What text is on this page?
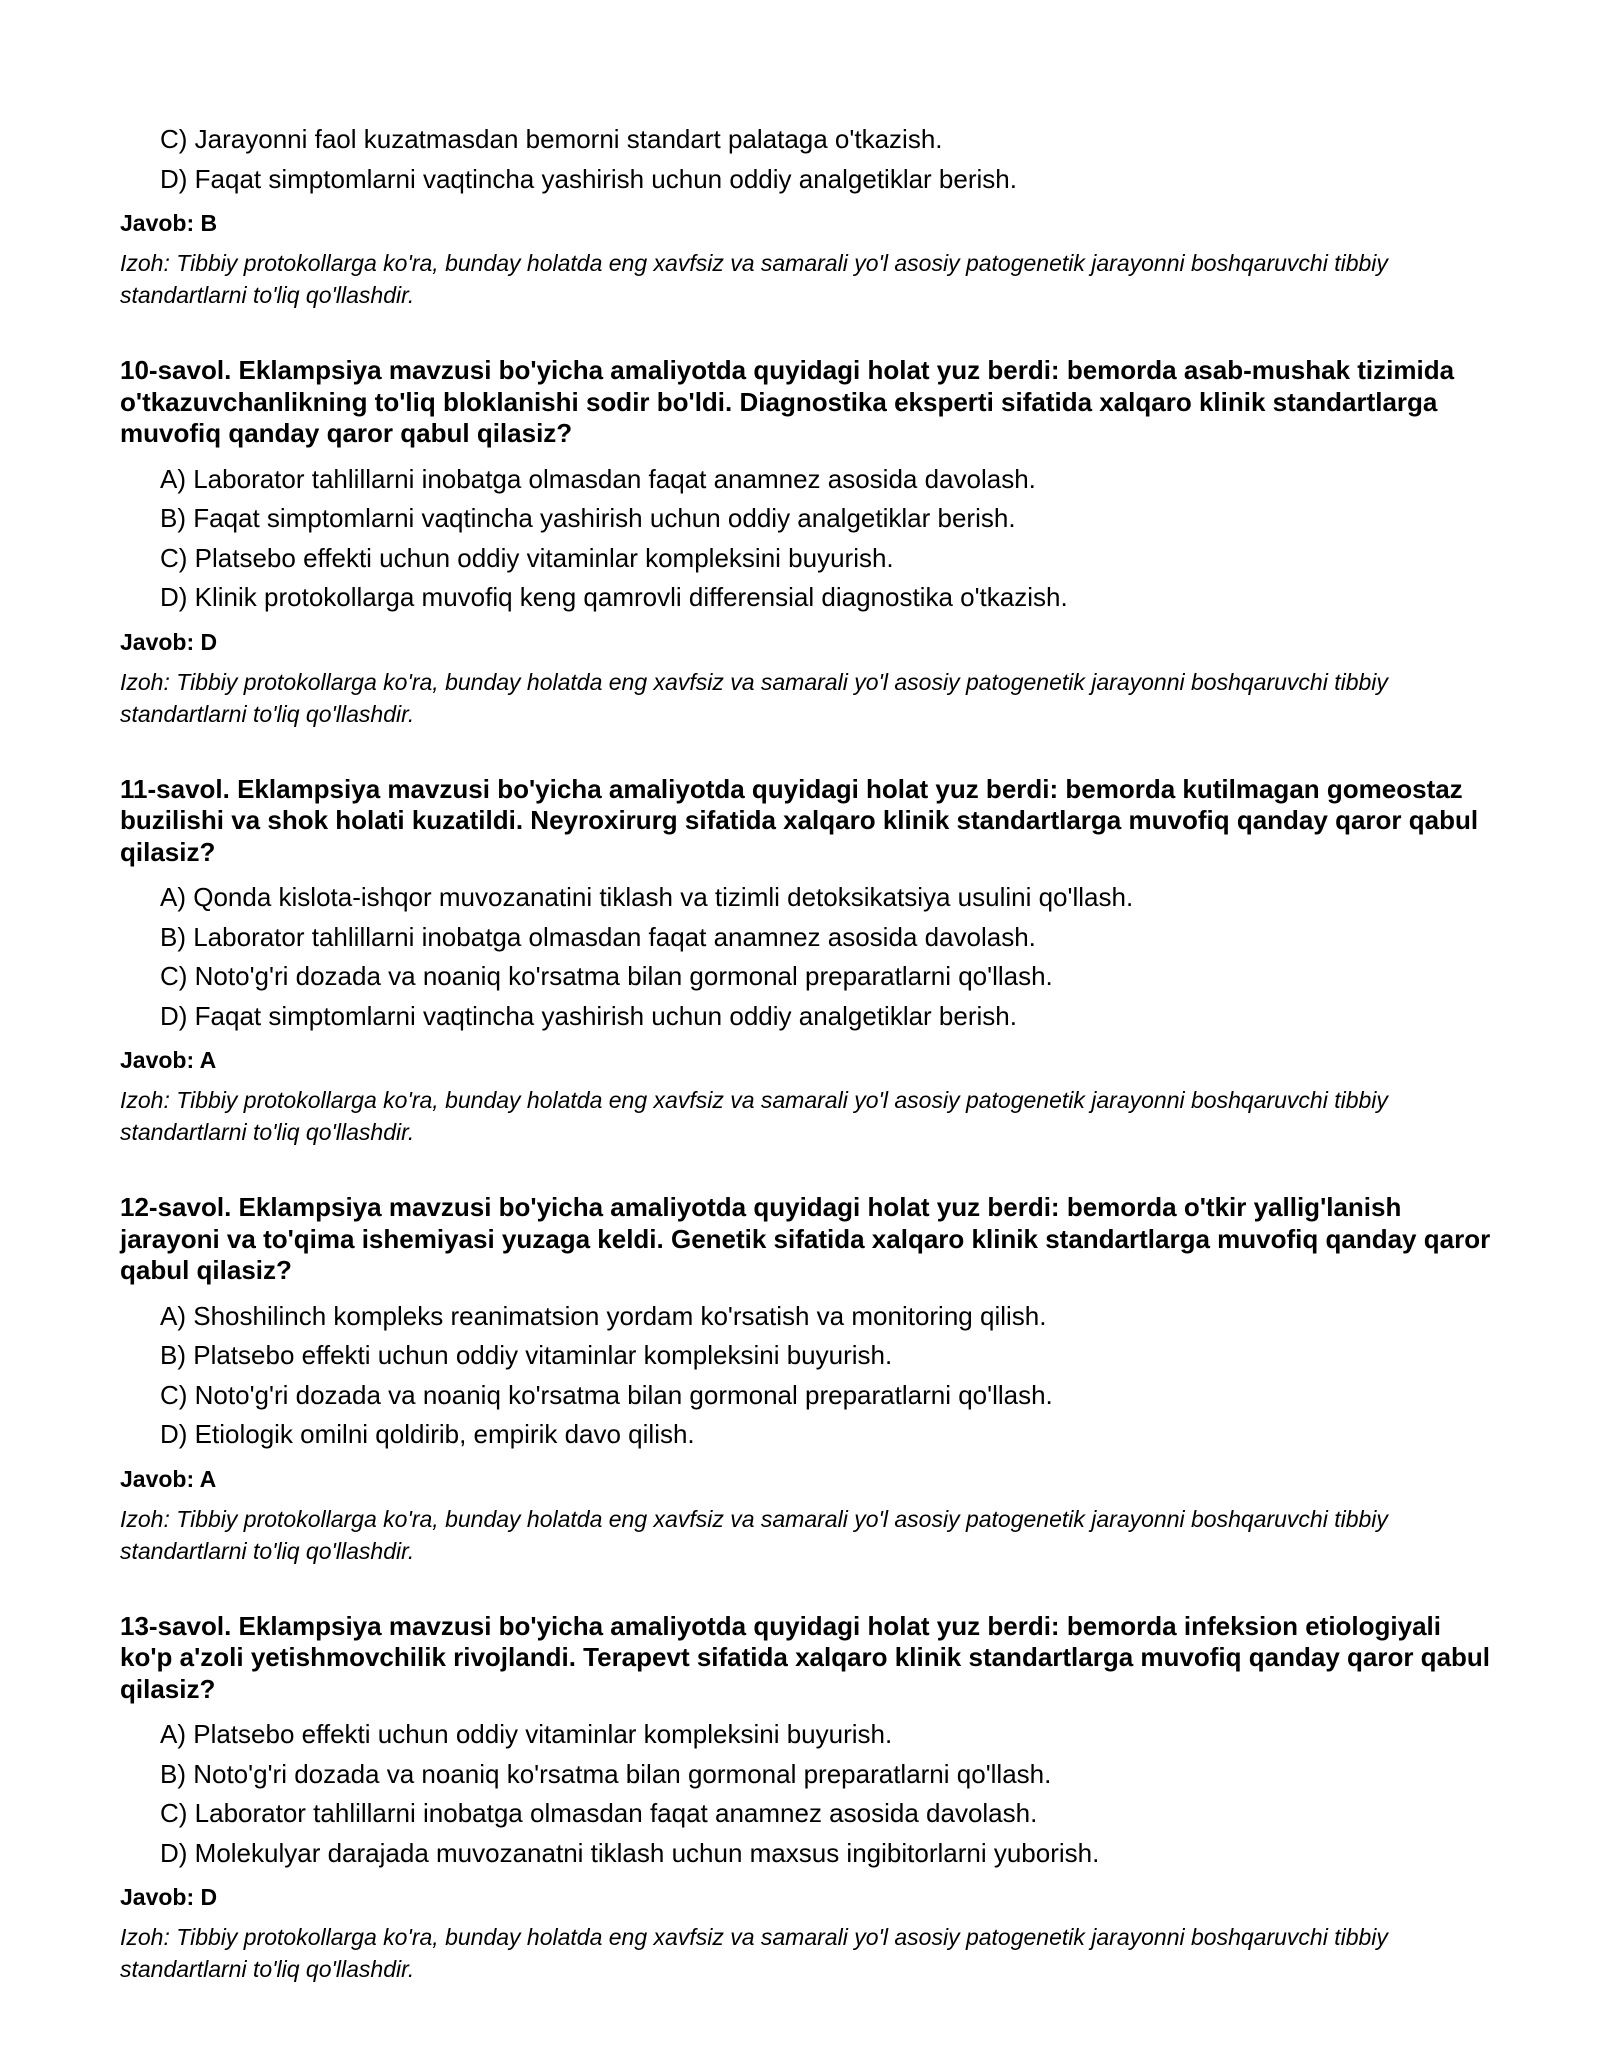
C) Jarayonni faol kuzatmasdan bemorni standart palataga o'tkazish.
D) Faqat simptomlarni vaqtincha yashirish uchun oddiy analgetiklar berish.
Javob: B
Izoh: Tibbiy protokollarga ko'ra, bunday holatda eng xavfsiz va samarali yo'l asosiy patogenetik jarayonni boshqaruvchi tibbiy standartlarni to'liq qo'llashdir.
10-savol. Eklampsiya mavzusi bo'yicha amaliyotda quyidagi holat yuz berdi: bemorda asab-mushak tizimida o'tkazuvchanlikning to'liq bloklanishi sodir bo'ldi. Diagnostika eksperti sifatida xalqaro klinik standartlarga muvofiq qanday qaror qabul qilasiz?
A) Laborator tahlillarni inobatga olmasdan faqat anamnez asosida davolash.
B) Faqat simptomlarni vaqtincha yashirish uchun oddiy analgetiklar berish.
C) Platsebo effekti uchun oddiy vitaminlar kompleksini buyurish.
D) Klinik protokollarga muvofiq keng qamrovli differensial diagnostika o'tkazish.
Javob: D
Izoh: Tibbiy protokollarga ko'ra, bunday holatda eng xavfsiz va samarali yo'l asosiy patogenetik jarayonni boshqaruvchi tibbiy standartlarni to'liq qo'llashdir.
11-savol. Eklampsiya mavzusi bo'yicha amaliyotda quyidagi holat yuz berdi: bemorda kutilmagan gomeostaz buzilishi va shok holati kuzatildi. Neyroxirurg sifatida xalqaro klinik standartlarga muvofiq qanday qaror qabul qilasiz?
A) Qonda kislota-ishqor muvozanatini tiklash va tizimli detoksikatsiya usulini qo'llash.
B) Laborator tahlillarni inobatga olmasdan faqat anamnez asosida davolash.
C) Noto'g'ri dozada va noaniq ko'rsatma bilan gormonal preparatlarni qo'llash.
D) Faqat simptomlarni vaqtincha yashirish uchun oddiy analgetiklar berish.
Javob: A
Izoh: Tibbiy protokollarga ko'ra, bunday holatda eng xavfsiz va samarali yo'l asosiy patogenetik jarayonni boshqaruvchi tibbiy standartlarni to'liq qo'llashdir.
12-savol. Eklampsiya mavzusi bo'yicha amaliyotda quyidagi holat yuz berdi: bemorda o'tkir yallig'lanish jarayoni va to'qima ishemiyasi yuzaga keldi. Genetik sifatida xalqaro klinik standartlarga muvofiq qanday qaror qabul qilasiz?
A) Shoshilinch kompleks reanimatsion yordam ko'rsatish va monitoring qilish.
B) Platsebo effekti uchun oddiy vitaminlar kompleksini buyurish.
C) Noto'g'ri dozada va noaniq ko'rsatma bilan gormonal preparatlarni qo'llash.
D) Etiologik omilni qoldirib, empirik davo qilish.
Javob: A
Izoh: Tibbiy protokollarga ko'ra, bunday holatda eng xavfsiz va samarali yo'l asosiy patogenetik jarayonni boshqaruvchi tibbiy standartlarni to'liq qo'llashdir.
13-savol. Eklampsiya mavzusi bo'yicha amaliyotda quyidagi holat yuz berdi: bemorda infeksion etiologiyali ko'p a'zoli yetishmovchilik rivojlandi. Terapevt sifatida xalqaro klinik standartlarga muvofiq qanday qaror qabul qilasiz?
A) Platsebo effekti uchun oddiy vitaminlar kompleksini buyurish.
B) Noto'g'ri dozada va noaniq ko'rsatma bilan gormonal preparatlarni qo'llash.
C) Laborator tahlillarni inobatga olmasdan faqat anamnez asosida davolash.
D) Molekulyar darajada muvozanatni tiklash uchun maxsus ingibitorlarni yuborish.
Javob: D
Izoh: Tibbiy protokollarga ko'ra, bunday holatda eng xavfsiz va samarali yo'l asosiy patogenetik jarayonni boshqaruvchi tibbiy standartlarni to'liq qo'llashdir.
